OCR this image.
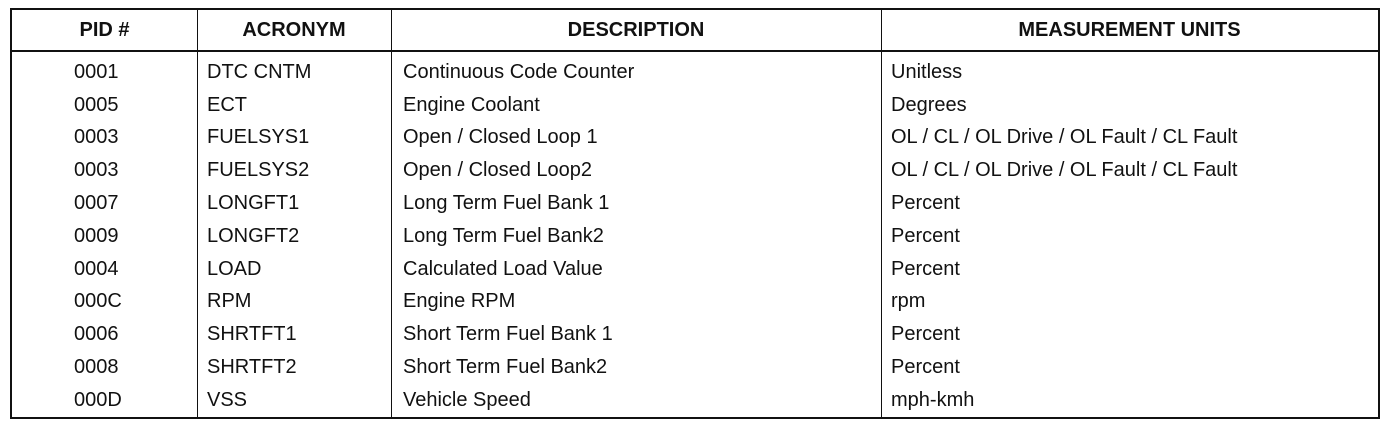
PID #	ACRONYM	DESCRIPTION	MEASUREMENT UNITS
0001	DTC CNTM	Continuous Code Counter	Unitless
0005	ECT	Engine Coolant	Degrees
0003	FUELSYS1	Open / Closed Loop 1	OL / CL / OL Drive / OL Fault / CL Fault
0003	FUELSYS2	Open / Closed Loop2	OL / CL / OL Drive / OL Fault / CL Fault
0007	LONGFT1	Long Term Fuel Bank 1	Percent
0009	LONGFT2	Long Term Fuel Bank2	Percent
0004	LOAD	Calculated Load Value	Percent
000C	RPM	Engine RPM	rpm
0006	SHRTFT1	Short Term Fuel Bank 1	Percent
0008	SHRTFT2	Short Term Fuel Bank2	Percent
000D	VSS	Vehicle Speed	mph-kmh
